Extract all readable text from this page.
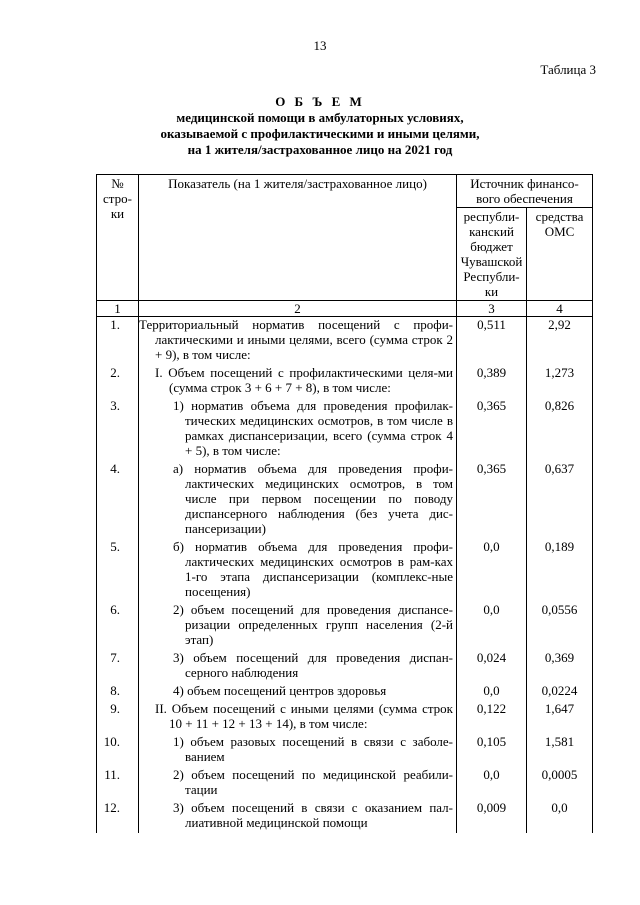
13
Таблица 3
О Б Ъ Е М
медицинской помощи в амбулаторных условиях,
оказываемой с профилактическими и иными целями,
на 1 жителя/застрахованное лицо на 2021 год
№ стро-ки	Показатель (на 1 жителя/застрахованное лицо)	Источник финансо-вого обеспечения	
		республи-канский бюджет Чувашской Республи-ки	средства ОМС
1	2	3	4
1.	Территориальный норматив посещений с профи-лактическими и иными целями, всего (сумма строк 2 + 9), в том числе:	0,511	2,92
2.	I. Объем посещений с профилактическими целя-ми (сумма строк 3 + 6 + 7 + 8), в том числе:	0,389	1,273
3.	1) норматив объема для проведения профилак-тических медицинских осмотров, в том числе в рамках диспансеризации, всего (сумма строк 4 + 5), в том числе:	0,365	0,826
4.	а) норматив объема для проведения профи-лактических медицинских осмотров, в том числе при первом посещении по поводу диспансерного наблюдения (без учета дис-пансеризации)	0,365	0,637
5.	б) норматив объема для проведения профи-лактических медицинских осмотров в рам-ках 1-го этапа диспансеризации (комплекс-ные посещения)	0,0	0,189
6.	2) объем посещений для проведения диспансе-ризации определенных групп населения (2-й этап)	0,0	0,0556
7.	3) объем посещений для проведения диспан-серного наблюдения	0,024	0,369
8.	4) объем посещений центров здоровья	0,0	0,0224
9.	II. Объем посещений с иными целями (сумма строк 10 + 11 + 12 + 13 + 14), в том числе:	0,122	1,647
10.	1) объем разовых посещений в связи с заболе-ванием	0,105	1,581
11.	2) объем посещений по медицинской реабили-тации	0,0	0,0005
12.	3) объем посещений в связи с оказанием пал-лиативной медицинской помощи	0,009	0,0
